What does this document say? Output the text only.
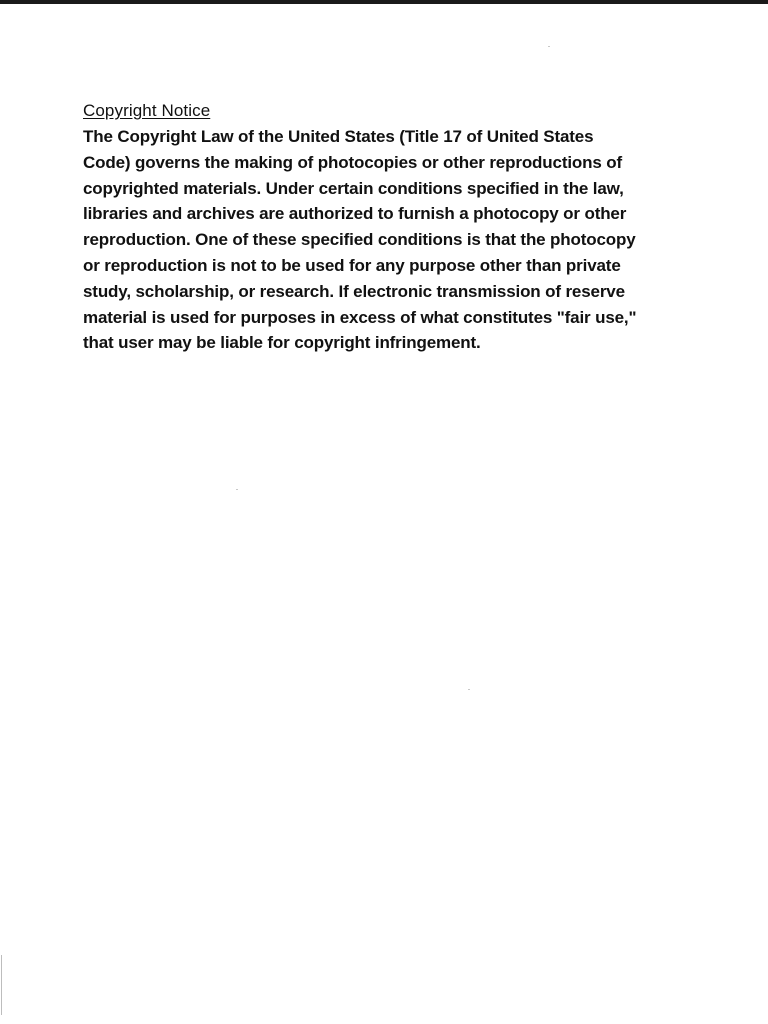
Copyright Notice
The Copyright Law of the United States (Title 17 of United States
Code) governs the making of photocopies or other reproductions of
copyrighted materials. Under certain conditions specified in the law,
libraries and archives are authorized to furnish a photocopy or other
reproduction. One of these specified conditions is that the photocopy
or reproduction is not to be used for any purpose other than private
study, scholarship, or research. If electronic transmission of reserve
material is used for purposes in excess of what constitutes "fair use,"
that user may be liable for copyright infringement.
